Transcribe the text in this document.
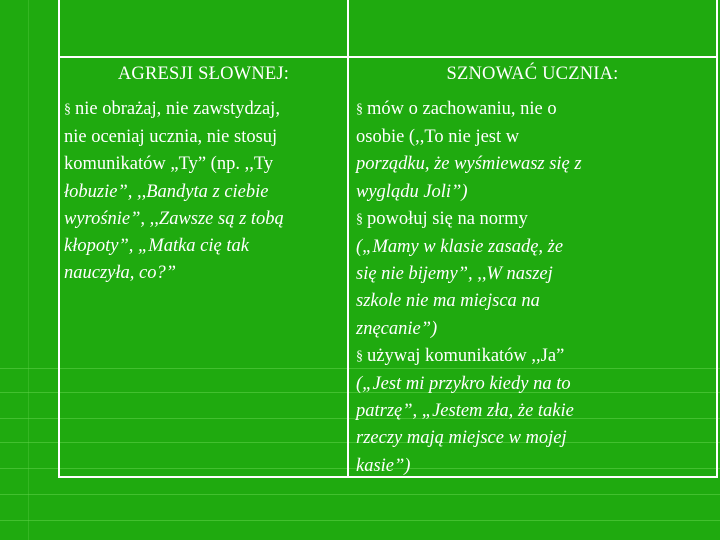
AGRESJI SŁOWNEJ:	SZNOWAĆ UCZNIA:
§ nie obrażaj, nie zawstydzaj,
nie oceniaj ucznia, nie stosuj
komunikatów „Ty” (np. ,,Ty
łobuzie”, ,,Bandyta z ciebie
wyrośnie”, ,,Zawsze są z tobą
kłopoty”, „Matka cię tak
nauczyła, co?”
§ mów o zachowaniu, nie o
osobie (,,To nie jest w
porządku, że wyśmiewasz się z
wyglądu Joli”)
§ powołuj się na normy
(„Mamy w klasie zasadę, że
się nie bijemy”, ,,W naszej
szkole nie ma miejsca na
znęcanie”)
§ używaj komunikatów ,,Ja”
(„Jest mi przykro kiedy na to
patrzę”, „Jestem zła, że takie
rzeczy mają miejsce w mojej
kasie”)
